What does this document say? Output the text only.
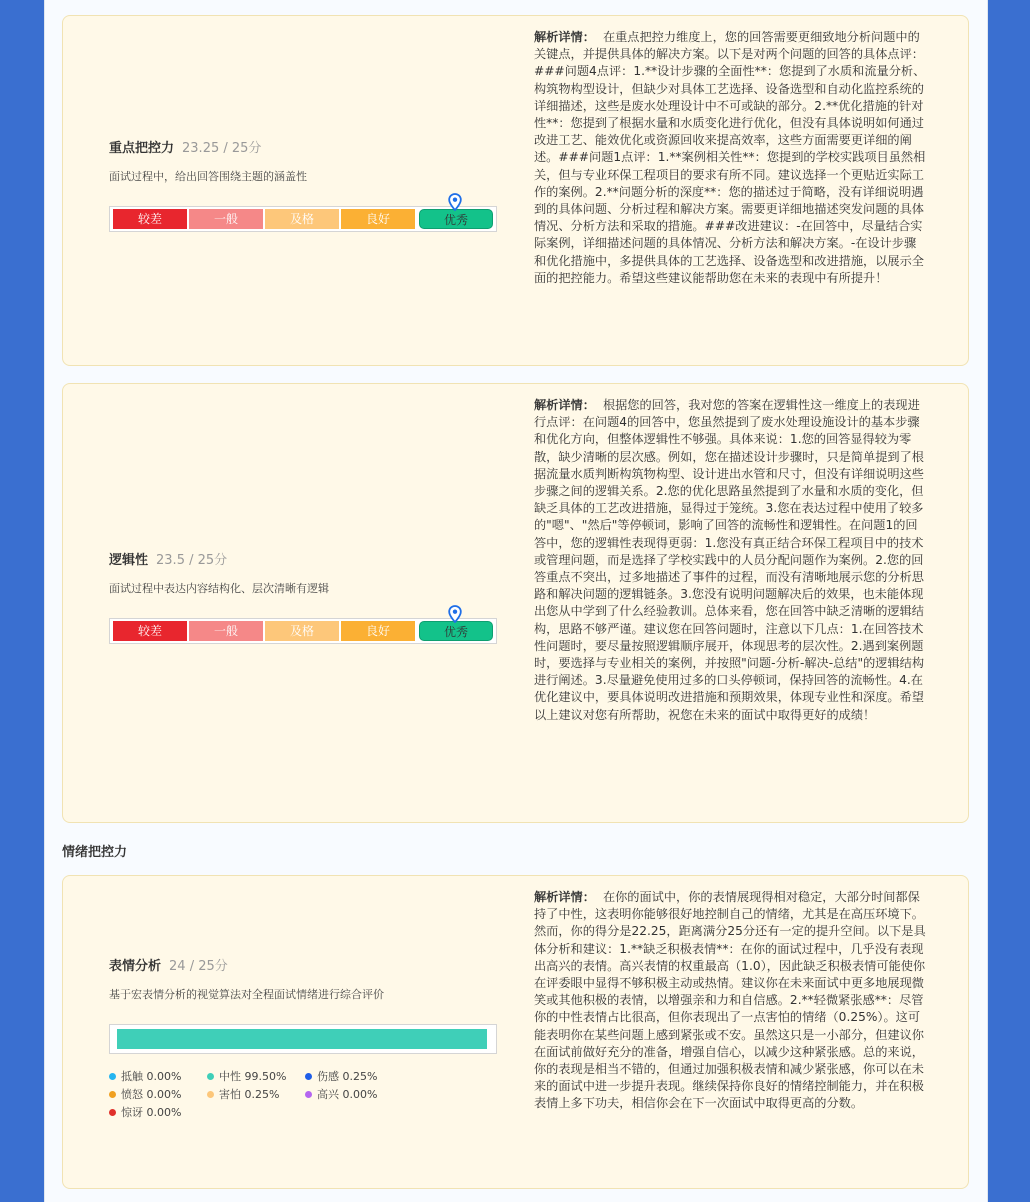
重点把控力 23.25 / 25分
面试过程中，给出回答围绕主题的涵盖性
较差	一般	及格	良好	优秀
解析详情： 在重点把控力维度上，您的回答需要更细致地分析问题中的关键点，并提供具体的解决方案。以下是对两个问题的回答的具体点评：###问题4点评：1.**设计步骤的全面性**：您提到了水质和流量分析、构筑物构型设计，但缺少对具体工艺选择、设备选型和自动化监控系统的详细描述，这些是废水处理设计中不可或缺的部分。2.**优化措施的针对性**：您提到了根据水量和水质变化进行优化，但没有具体说明如何通过改进工艺、能效优化或资源回收来提高效率，这些方面需要更详细的阐述。###问题1点评：1.**案例相关性**：您提到的学校实践项目虽然相关，但与专业环保工程项目的要求有所不同。建议选择一个更贴近实际工作的案例。2.**问题分析的深度**：您的描述过于简略，没有详细说明遇到的具体问题、分析过程和解决方案。需要更详细地描述突发问题的具体情况、分析方法和采取的措施。###改进建议：-在回答中，尽量结合实际案例，详细描述问题的具体情况、分析方法和解决方案。-在设计步骤和优化措施中，多提供具体的工艺选择、设备选型和改进措施，以展示全面的把控能力。希望这些建议能帮助您在未来的表现中有所提升！
逻辑性 23.5 / 25分
面试过程中表达内容结构化、层次清晰有逻辑
较差	一般	及格	良好	优秀
解析详情： 根据您的回答，我对您的答案在逻辑性这一维度上的表现进行点评：在问题4的回答中，您虽然提到了废水处理设施设计的基本步骤和优化方向，但整体逻辑性不够强。具体来说：1.您的回答显得较为零散，缺少清晰的层次感。例如，您在描述设计步骤时，只是简单提到了根据流量水质判断构筑物构型、设计进出水管和尺寸，但没有详细说明这些步骤之间的逻辑关系。2.您的优化思路虽然提到了水量和水质的变化，但缺乏具体的工艺改进措施，显得过于笼统。3.您在表达过程中使用了较多的"嗯"、"然后"等停顿词，影响了回答的流畅性和逻辑性。在问题1的回答中，您的逻辑性表现得更弱：1.您没有真正结合环保工程项目中的技术或管理问题，而是选择了学校实践中的人员分配问题作为案例。2.您的回答重点不突出，过多地描述了事件的过程，而没有清晰地展示您的分析思路和解决问题的逻辑链条。3.您没有说明问题解决后的效果，也未能体现出您从中学到了什么经验教训。总体来看，您在回答中缺乏清晰的逻辑结构，思路不够严谨。建议您在回答问题时，注意以下几点：1.在回答技术性问题时，要尽量按照逻辑顺序展开，体现思考的层次性。2.遇到案例题时，要选择与专业相关的案例，并按照"问题-分析-解决-总结"的逻辑结构进行阐述。3.尽量避免使用过多的口头停顿词，保持回答的流畅性。4.在优化建议中，要具体说明改进措施和预期效果，体现专业性和深度。希望以上建议对您有所帮助，祝您在未来的面试中取得更好的成绩！
情绪把控力
表情分析 24 / 25分
基于宏表情分析的视觉算法对全程面试情绪进行综合评价
抵触 0.00%	中性 99.50%	伤感 0.25%
愤怒 0.00%	害怕 0.25%	高兴 0.00%
惊讶 0.00%
解析详情： 在你的面试中，你的表情展现得相对稳定，大部分时间都保持了中性，这表明你能够很好地控制自己的情绪，尤其是在高压环境下。然而，你的得分是22.25，距离满分25分还有一定的提升空间。以下是具体分析和建议：1.**缺乏积极表情**：在你的面试过程中，几乎没有表现出高兴的表情。高兴表情的权重最高（1.0），因此缺乏积极表情可能使你在评委眼中显得不够积极主动或热情。建议你在未来面试中更多地展现微笑或其他积极的表情，以增强亲和力和自信感。2.**轻微紧张感**：尽管你的中性表情占比很高，但你表现出了一点害怕的情绪（0.25%）。这可能表明你在某些问题上感到紧张或不安。虽然这只是一小部分，但建议你在面试前做好充分的准备，增强自信心，以减少这种紧张感。总的来说，你的表现是相当不错的，但通过加强积极表情和减少紧张感，你可以在未来的面试中进一步提升表现。继续保持你良好的情绪控制能力，并在积极表情上多下功夫，相信你会在下一次面试中取得更高的分数。
